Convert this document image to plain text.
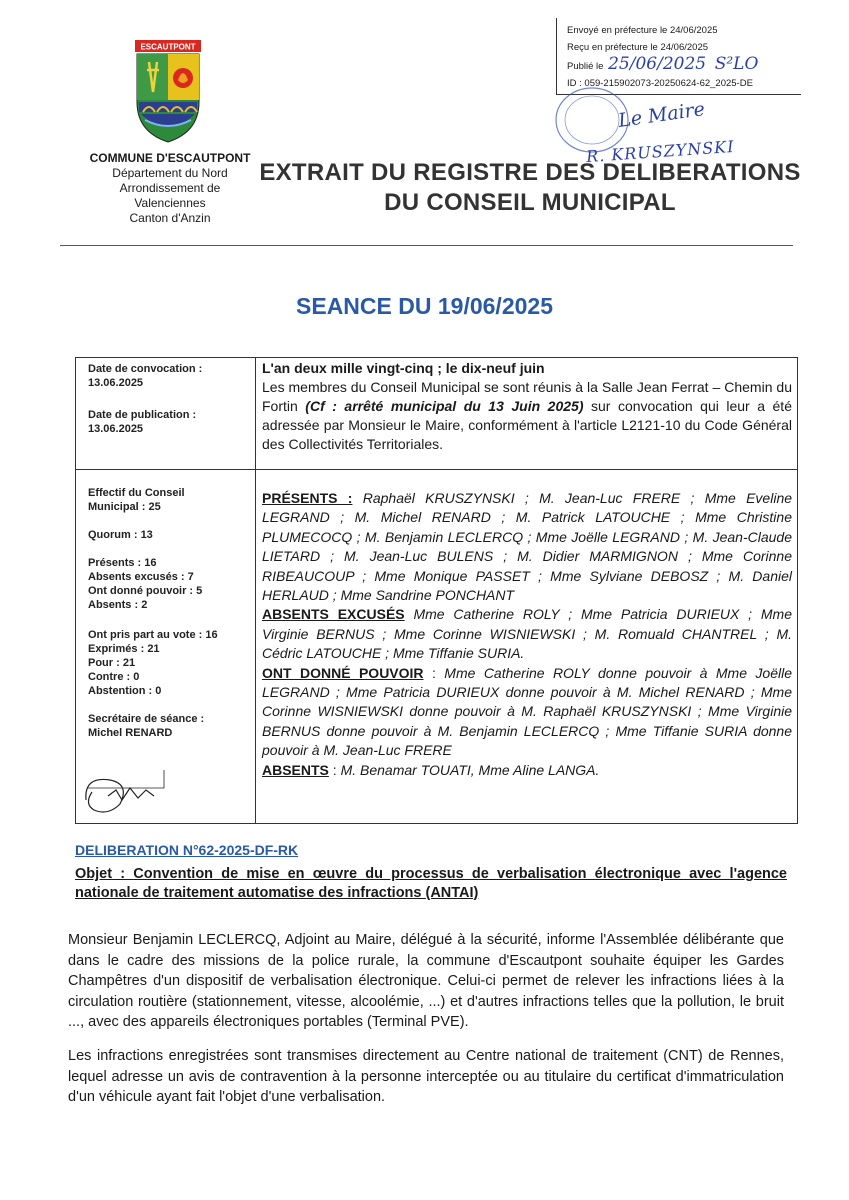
ESCAUTPONT
COMMUNE D'ESCAUTPONT
Département du Nord
Arrondissement de
Valenciennes
Canton d'Anzin
Envoyé en préfecture le 24/06/2025
Reçu en préfecture le 24/06/2025
Publié le 25/06/2025 S²LO
ID : 059-215902073-20250624-62_2025-DE
Le Maire
R. KRUSZYNSKI
EXTRAIT DU REGISTRE DES DELIBERATIONS
DU CONSEIL MUNICIPAL
SEANCE DU 19/06/2025
Date de convocation :
13.06.2025
Date de publication :
13.06.2025
L'an deux mille vingt-cinq ; le dix-neuf juin
Les membres du Conseil Municipal se sont réunis à la Salle Jean Ferrat – Chemin du Fortin (Cf : arrêté municipal du 13 Juin 2025) sur convocation qui leur a été adressée par Monsieur le Maire, conformément à l'article L2121-10 du Code Général des Collectivités Territoriales.
Effectif du Conseil Municipal : 25
Quorum : 13
Présents : 16
Absents excusés : 7
Ont donné pouvoir : 5
Absents : 2
Ont pris part au vote : 16
Exprimés : 21
Pour : 21
Contre : 0
Abstention : 0
Secrétaire de séance :
Michel RENARD
PRÉSENTS : Raphaël KRUSZYNSKI ; M. Jean-Luc FRERE ; Mme Eveline LEGRAND ; M. Michel RENARD ; M. Patrick LATOUCHE ; Mme Christine PLUMECOCQ ; M. Benjamin LECLERCQ ; Mme Joëlle LEGRAND ; M. Jean-Claude LIETARD ; M. Jean-Luc BULENS ; M. Didier MARMIGNON ; Mme Corinne RIBEAUCOUP ; Mme Monique PASSET ; Mme Sylviane DEBOSZ ; M. Daniel HERLAUD ; Mme Sandrine PONCHANT
ABSENTS EXCUSÉS Mme Catherine ROLY ; Mme Patricia DURIEUX ; Mme Virginie BERNUS ; Mme Corinne WISNIEWSKI ; M. Romuald CHANTREL ; M. Cédric LATOUCHE ; Mme Tiffanie SURIA.
ONT DONNÉ POUVOIR : Mme Catherine ROLY donne pouvoir à Mme Joëlle LEGRAND ; Mme Patricia DURIEUX donne pouvoir à M. Michel RENARD ; Mme Corinne WISNIEWSKI donne pouvoir à M. Raphaël KRUSZYNSKI ; Mme Virginie BERNUS donne pouvoir à M. Benjamin LECLERCQ ; Mme Tiffanie SURIA donne pouvoir à M. Jean-Luc FRERE
ABSENTS : M. Benamar TOUATI, Mme Aline LANGA.
DELIBERATION N°62-2025-DF-RK
Objet : Convention de mise en œuvre du processus de verbalisation électronique avec l'agence nationale de traitement automatise des infractions (ANTAI)
Monsieur Benjamin LECLERCQ, Adjoint au Maire, délégué à la sécurité, informe l'Assemblée délibérante que dans le cadre des missions de la police rurale, la commune d'Escautpont souhaite équiper les Gardes Champêtres d'un dispositif de verbalisation électronique. Celui-ci permet de relever les infractions liées à la circulation routière (stationnement, vitesse, alcoolémie, ...) et d'autres infractions telles que la pollution, le bruit ..., avec des appareils électroniques portables (Terminal PVE).
Les infractions enregistrées sont transmises directement au Centre national de traitement (CNT) de Rennes, lequel adresse un avis de contravention à la personne interceptée ou au titulaire du certificat d'immatriculation d'un véhicule ayant fait l'objet d'une verbalisation.
